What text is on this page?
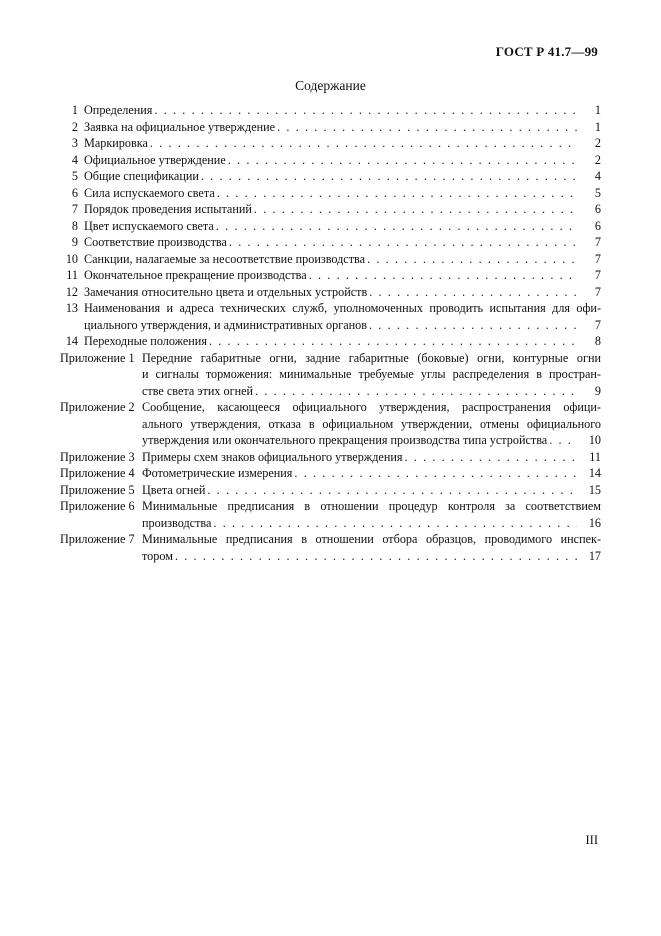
ГОСТ Р 41.7—99
Содержание
1 Определения . . .	1
2 Заявка на официальное утверждение . . .	1
3 Маркировка . . .	2
4 Официальное утверждение . . .	2
5 Общие спецификации . . .	4
6 Сила испускаемого света . . .	5
7 Порядок проведения испытаний . . .	6
8 Цвет испускаемого света . . .	6
9 Соответствие производства . . .	7
10 Санкции, налагаемые за несоответствие производства . . .	7
11 Окончательное прекращение производства . . .	7
12 Замечания относительно цвета и отдельных устройств . . .	7
13 Наименования и адреса технических служб, уполномоченных проводить испытания для офи-
циального утверждения, и административных органов . . .	7
14 Переходные положения . . .	8
Приложение 1 Передние габаритные огни, задние габаритные (боковые) огни, контурные огни
и сигналы торможения: минимальные требуемые углы распределения в простран-
стве света этих огней . . .	9
Приложение 2 Сообщение, касающееся официального утверждения, распространения офици-
ального утверждения, отказа в официальном утверждении, отмены официального
утверждения или окончательного прекращения производства типа устройства . . .	10
Приложение 3 Примеры схем знаков официального утверждения . . .	11
Приложение 4 Фотометрические измерения . . .	14
Приложение 5 Цвета огней . . .	15
Приложение 6 Минимальные предписания в отношении процедур контроля за соответствием
производства . . .	16
Приложение 7 Минимальные предписания в отношении отбора образцов, проводимого инспек-
тором . . .	17
III
